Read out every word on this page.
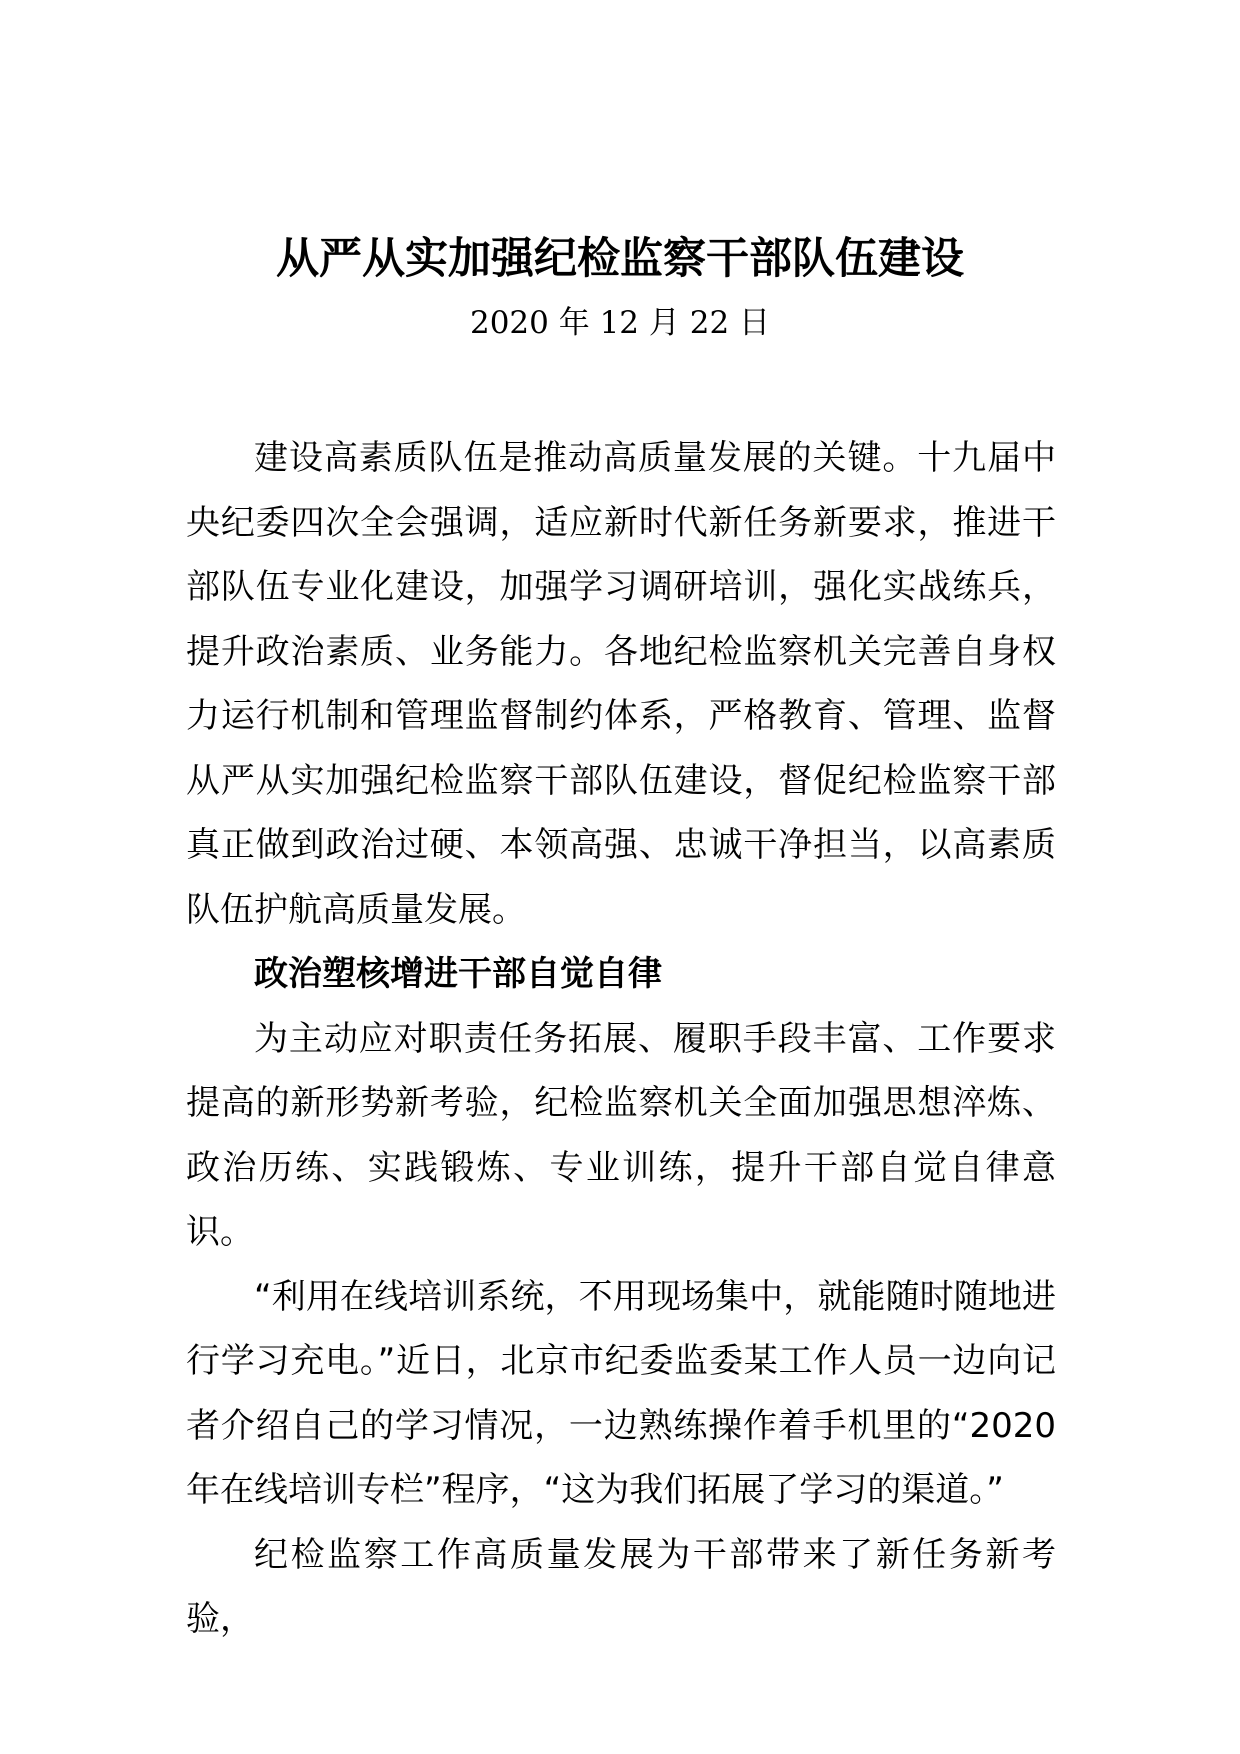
从严从实加强纪检监察干部队伍建设
2020 年 12 月 22 日

建设高素质队伍是推动高质量发展的关键。十九届中央纪委四次全会强调，适应新时代新任务新要求，推进干部队伍专业化建设，加强学习调研培训，强化实战练兵，提升政治素质、业务能力。各地纪检监察机关完善自身权力运行机制和管理监督制约体系，严格教育、管理、监督从严从实加强纪检监察干部队伍建设，督促纪检监察干部真正做到政治过硬、本领高强、忠诚干净担当，以高素质队伍护航高质量发展。

政治塑核增进干部自觉自律

为主动应对职责任务拓展、履职手段丰富、工作要求提高的新形势新考验，纪检监察机关全面加强思想淬炼、政治历练、实践锻炼、专业训练，提升干部自觉自律意识。

“利用在线培训系统，不用现场集中，就能随时随地进行学习充电。”近日，北京市纪委监委某工作人员一边向记者介绍自己的学习情况，一边熟练操作着手机里的“2020 年在线培训专栏”程序，“这为我们拓展了学习的渠道。”

纪检监察工作高质量发展为干部带来了新任务新考验，
